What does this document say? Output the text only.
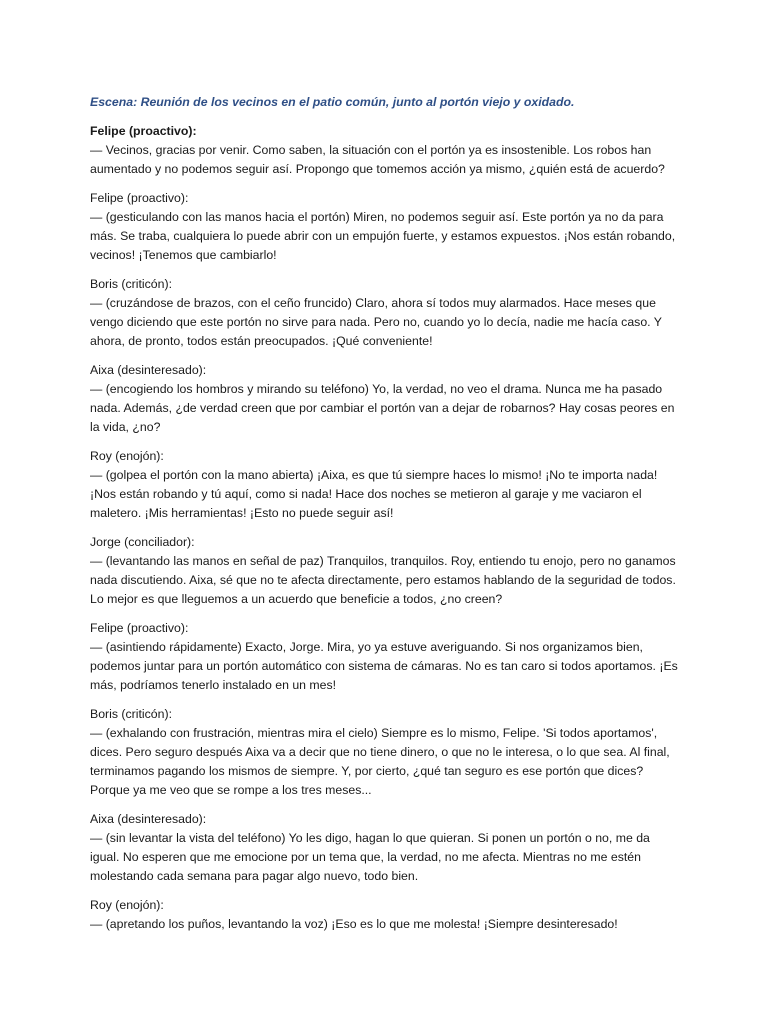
Escena: Reunión de los vecinos en el patio común, junto al portón viejo y oxidado.

Felipe (proactivo):
— Vecinos, gracias por venir. Como saben, la situación con el portón ya es insostenible. Los robos han aumentado y no podemos seguir así. Propongo que tomemos acción ya mismo, ¿quién está de acuerdo?
Felipe (proactivo):
— (gesticulando con las manos hacia el portón) Miren, no podemos seguir así. Este portón ya no da para más. Se traba, cualquiera lo puede abrir con un empujón fuerte, y estamos expuestos. ¡Nos están robando, vecinos! ¡Tenemos que cambiarlo!
Boris (criticón):
— (cruzándose de brazos, con el ceño fruncido) Claro, ahora sí todos muy alarmados. Hace meses que vengo diciendo que este portón no sirve para nada. Pero no, cuando yo lo decía, nadie me hacía caso. Y ahora, de pronto, todos están preocupados. ¡Qué conveniente!
Aixa (desinteresado):
— (encogiendo los hombros y mirando su teléfono) Yo, la verdad, no veo el drama. Nunca me ha pasado nada. Además, ¿de verdad creen que por cambiar el portón van a dejar de robarnos? Hay cosas peores en la vida, ¿no?
Roy (enojón):
— (golpea el portón con la mano abierta) ¡Aixa, es que tú siempre haces lo mismo! ¡No te importa nada! ¡Nos están robando y tú aquí, como si nada! Hace dos noches se metieron al garaje y me vaciaron el maletero. ¡Mis herramientas! ¡Esto no puede seguir así!
Jorge (conciliador):
— (levantando las manos en señal de paz) Tranquilos, tranquilos. Roy, entiendo tu enojo, pero no ganamos nada discutiendo. Aixa, sé que no te afecta directamente, pero estamos hablando de la seguridad de todos. Lo mejor es que lleguemos a un acuerdo que beneficie a todos, ¿no creen?
Felipe (proactivo):
— (asintiendo rápidamente) Exacto, Jorge. Mira, yo ya estuve averiguando. Si nos organizamos bien, podemos juntar para un portón automático con sistema de cámaras. No es tan caro si todos aportamos. ¡Es más, podríamos tenerlo instalado en un mes!
Boris (criticón):
— (exhalando con frustración, mientras mira el cielo) Siempre es lo mismo, Felipe. 'Si todos aportamos', dices. Pero seguro después Aixa va a decir que no tiene dinero, o que no le interesa, o lo que sea. Al final, terminamos pagando los mismos de siempre. Y, por cierto, ¿qué tan seguro es ese portón que dices? Porque ya me veo que se rompe a los tres meses...
Aixa (desinteresado):
— (sin levantar la vista del teléfono) Yo les digo, hagan lo que quieran. Si ponen un portón o no, me da igual. No esperen que me emocione por un tema que, la verdad, no me afecta. Mientras no me estén molestando cada semana para pagar algo nuevo, todo bien.
Roy (enojón):
— (apretando los puños, levantando la voz) ¡Eso es lo que me molesta! ¡Siempre desinteresado!
